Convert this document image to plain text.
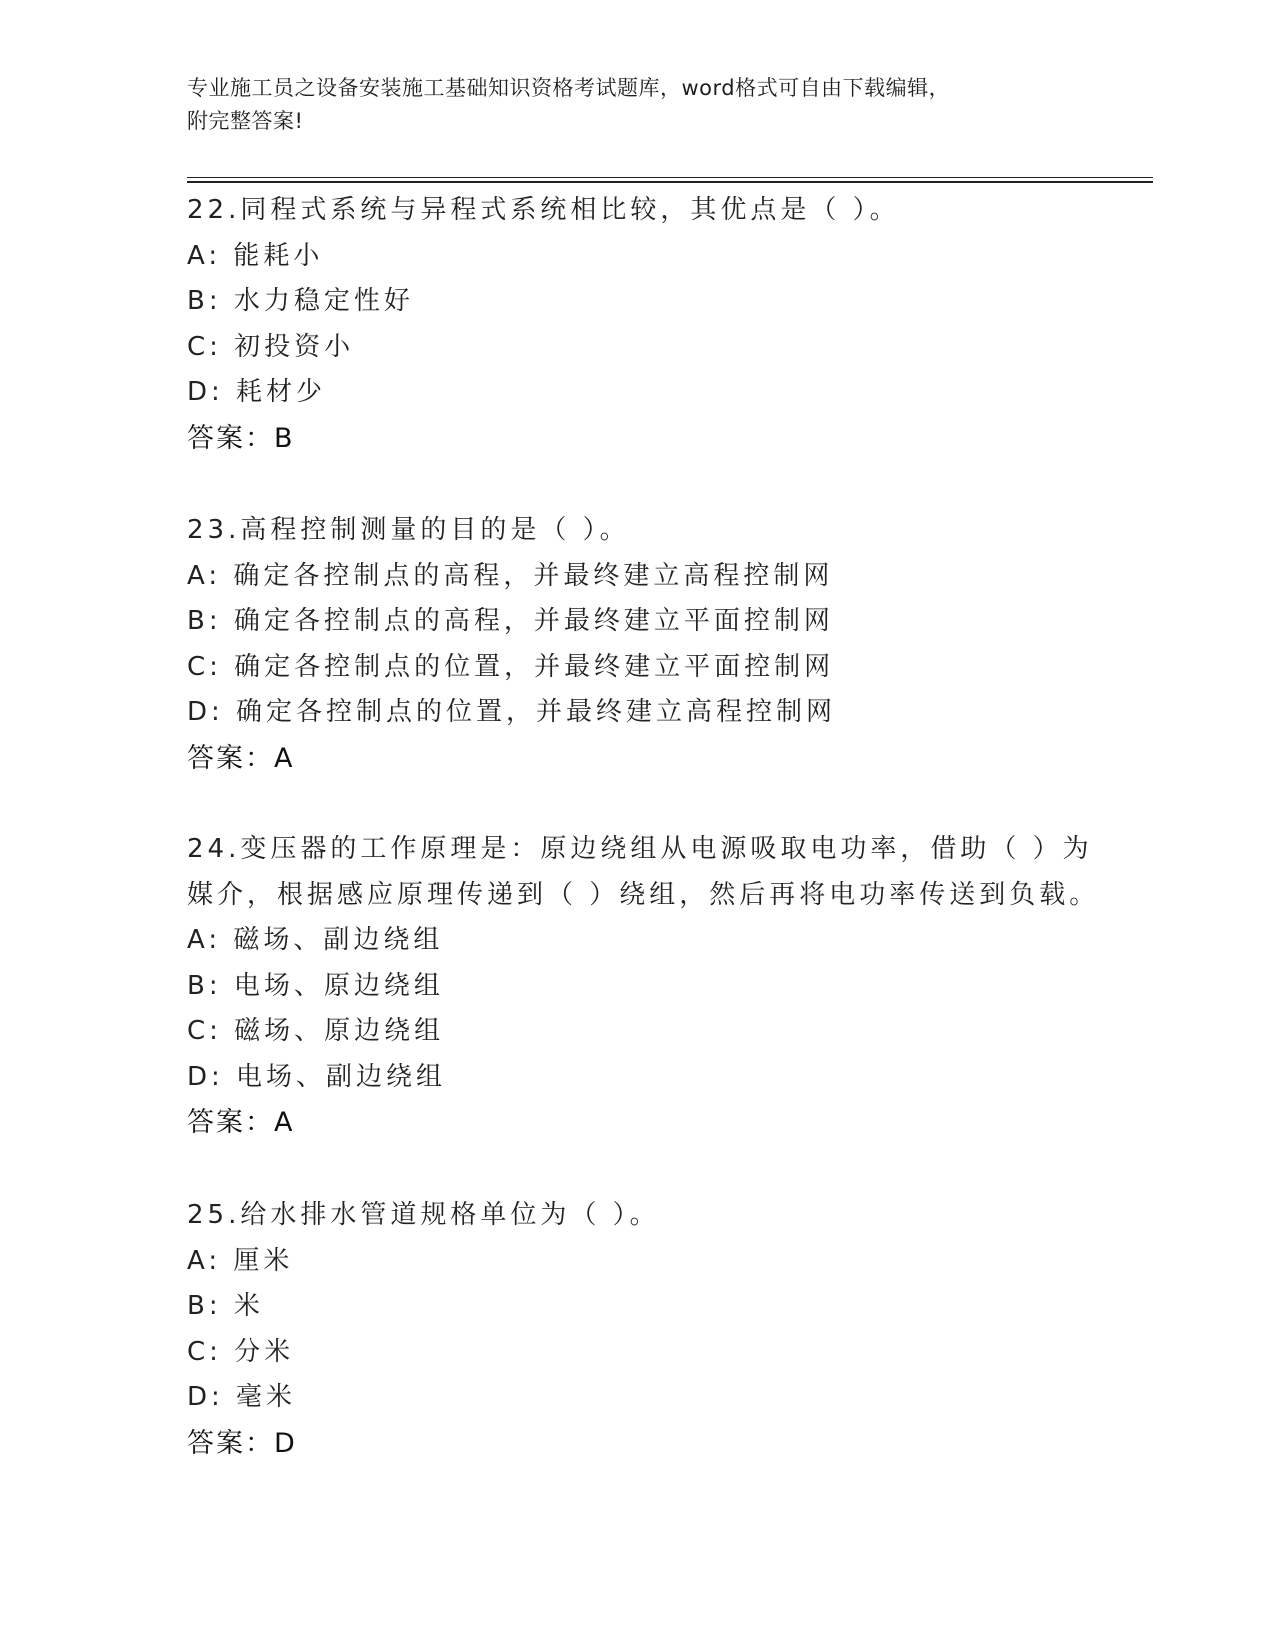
专业施工员之设备安装施工基础知识资格考试题库，word格式可自由下载编辑，
附完整答案!
22.同程式系统与异程式系统相比较，其优点是（ ）。
A: 能耗小
B: 水力稳定性好
C: 初投资小
D: 耗材少
答案：B
23.高程控制测量的目的是（ ）。
A: 确定各控制点的高程，并最终建立高程控制网
B: 确定各控制点的高程，并最终建立平面控制网
C: 确定各控制点的位置，并最终建立平面控制网
D: 确定各控制点的位置，并最终建立高程控制网
答案：A
24.变压器的工作原理是：原边绕组从电源吸取电功率，借助（ ）为
媒介，根据感应原理传递到（ ）绕组，然后再将电功率传送到负载。
A: 磁场、副边绕组
B: 电场、原边绕组
C: 磁场、原边绕组
D: 电场、副边绕组
答案：A
25.给水排水管道规格单位为（ ）。
A: 厘米
B: 米
C: 分米
D: 毫米
答案：D
